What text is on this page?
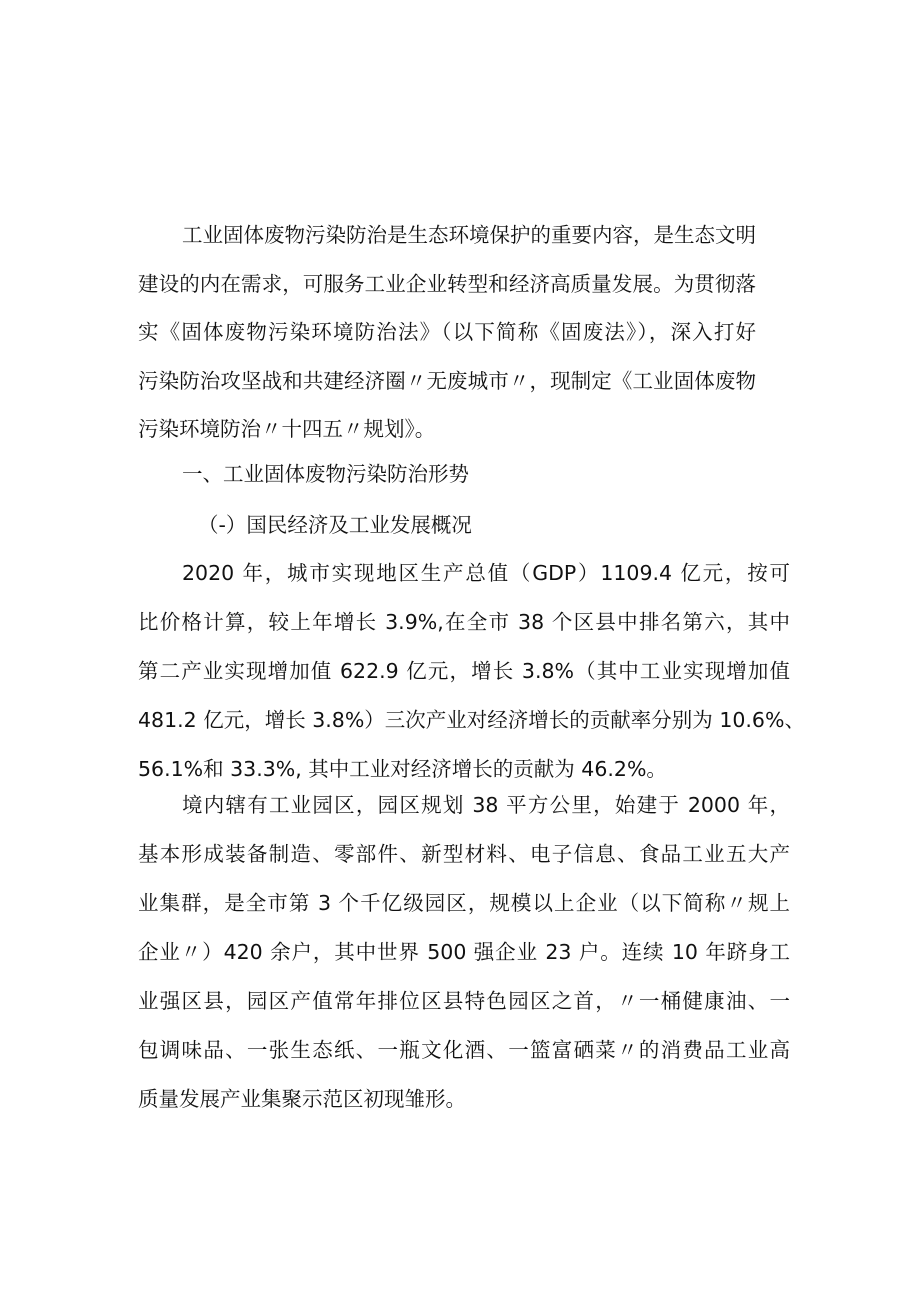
工业固体废物污染防治是生态环境保护的重要内容，是生态文明
建设的内在需求，可服务工业企业转型和经济高质量发展。为贯彻落
实《固体废物污染环境防治法》（以下简称《固废法》），深入打好
污染防治攻坚战和共建经济圈〃无废城市〃，现制定《工业固体废物
污染环境防治〃十四五〃规划》。
一、工业固体废物污染防治形势
（-）国民经济及工业发展概况
2020 年，城市实现地区生产总值（GDP）1109.4 亿元，按可
比价格计算，较上年增长 3.9%,在全市 38 个区县中排名第六，其中
第二产业实现增加值 622.9 亿元，增长 3.8%（其中工业实现增加值
481.2 亿元，增长 3.8%）三次产业对经济增长的贡献率分别为 10.6%、
56.1%和 33.3%, 其中工业对经济增长的贡献为 46.2%。
境内辖有工业园区，园区规划 38 平方公里，始建于 2000 年，
基本形成装备制造、零部件、新型材料、电子信息、食品工业五大产
业集群，是全市第 3 个千亿级园区，规模以上企业（以下简称〃规上
企业〃）420 余户，其中世界 500 强企业 23 户。连续 10 年跻身工
业强区县，园区产值常年排位区县特色园区之首，〃一桶健康油、一
包调味品、一张生态纸、一瓶文化酒、一篮富硒菜〃的消费品工业高
质量发展产业集聚示范区初现雏形。
